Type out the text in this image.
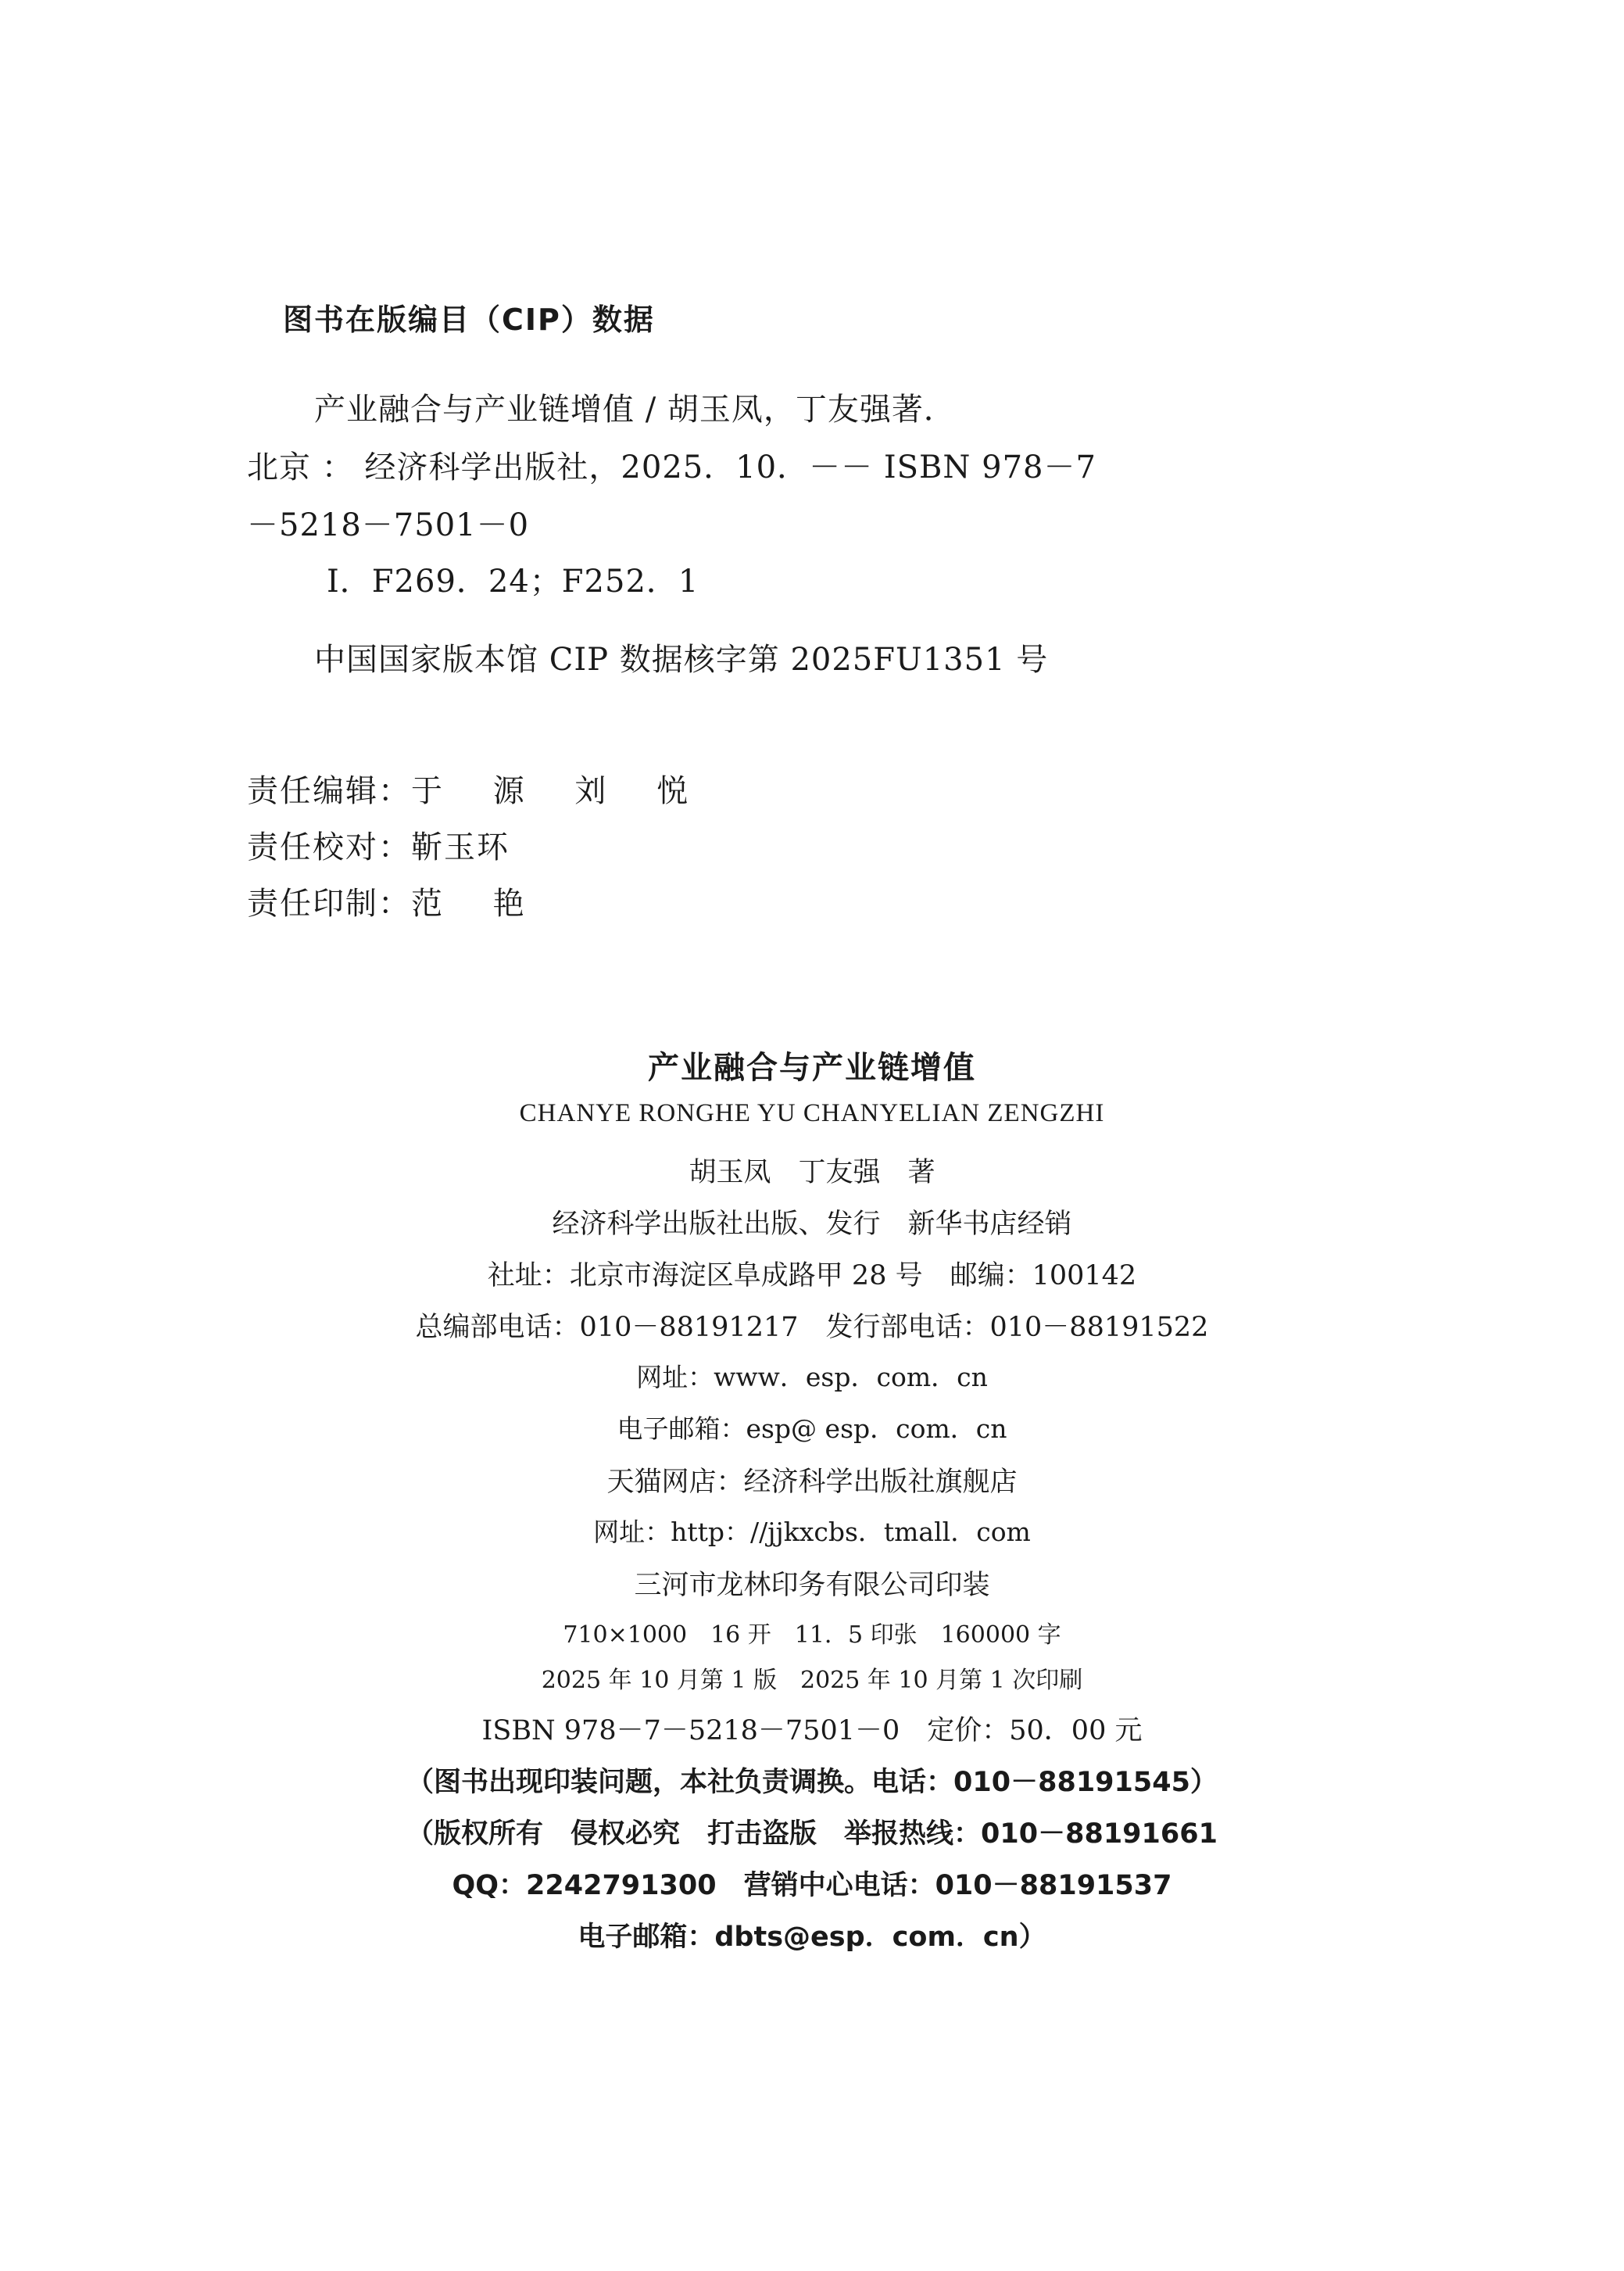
图书在版编目（CIP）数据

产业融合与产业链增值 / 胡玉凤，丁友强著．

北京 ： 经济科学出版社，2025．10．－－ ISBN 978－7

－5218－7501－0

Ⅰ．F269．24；F252．1

中国国家版本馆 CIP 数据核字第 2025FU1351 号

责任编辑：于 源 刘 悦

责任校对：靳玉环

责任印制：范 艳

产业融合与产业链增值

CHANYE RONGHE YU CHANYELIAN ZENGZHI

胡玉凤　丁友强　著

经济科学出版社出版、发行　新华书店经销

社址：北京市海淀区阜成路甲 28 号　邮编：100142

总编部电话：010－88191217　发行部电话：010－88191522

网址：www．esp．com．cn

电子邮箱：esp@ esp．com．cn

天猫网店：经济科学出版社旗舰店

网址：http：//jjkxcbs．tmall．com

三河市龙林印务有限公司印装

710×1000　16 开　11．5 印张　160000 字

2025 年 10 月第 1 版　2025 年 10 月第 1 次印刷

ISBN 978－7－5218－7501－0　定价：50．00 元

（图书出现印装问题，本社负责调换。电话：010－88191545）

（版权所有　侵权必究　打击盗版　举报热线：010－88191661

QQ：2242791300　营销中心电话：010－88191537

电子邮箱：dbts@esp．com．cn）
